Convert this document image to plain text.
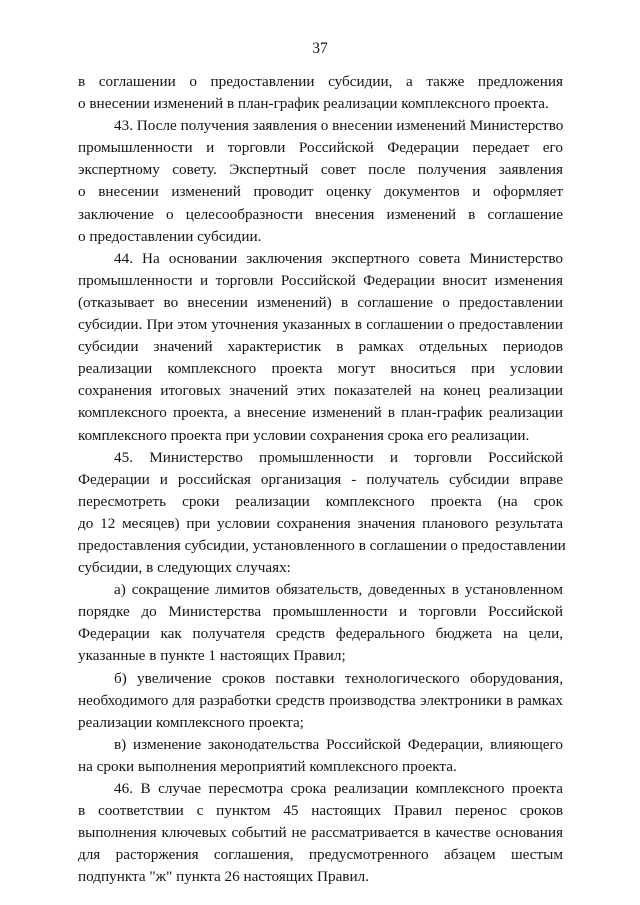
37
в соглашении о предоставлении субсидии, а также предложения
о внесении изменений в план-график реализации комплексного проекта.
43. После получения заявления о внесении изменений Министерство
промышленности и торговли Российской Федерации передает его
экспертному совету. Экспертный совет после получения заявления
о внесении изменений проводит оценку документов и оформляет
заключение о целесообразности внесения изменений в соглашение
о предоставлении субсидии.
44. На основании заключения экспертного совета Министерство
промышленности и торговли Российской Федерации вносит изменения
(отказывает во внесении изменений) в соглашение о предоставлении
субсидии. При этом уточнения указанных в соглашении о предоставлении
субсидии значений характеристик в рамках отдельных периодов
реализации комплексного проекта могут вноситься при условии
сохранения итоговых значений этих показателей на конец реализации
комплексного проекта, а внесение изменений в план-график реализации
комплексного проекта при условии сохранения срока его реализации.
45. Министерство промышленности и торговли Российской
Федерации и российская организация - получатель субсидии вправе
пересмотреть сроки реализации комплексного проекта (на срок
до 12 месяцев) при условии сохранения значения планового результата
предоставления субсидии, установленного в соглашении о предоставлении
субсидии, в следующих случаях:
а) сокращение лимитов обязательств, доведенных в установленном
порядке до Министерства промышленности и торговли Российской
Федерации как получателя средств федерального бюджета на цели,
указанные в пункте 1 настоящих Правил;
б) увеличение сроков поставки технологического оборудования,
необходимого для разработки средств производства электроники в рамках
реализации комплексного проекта;
в) изменение законодательства Российской Федерации, влияющего
на сроки выполнения мероприятий комплексного проекта.
46. В случае пересмотра срока реализации комплексного проекта
в соответствии с пунктом 45 настоящих Правил перенос сроков
выполнения ключевых событий не рассматривается в качестве основания
для расторжения соглашения, предусмотренного абзацем шестым
подпункта "ж" пункта 26 настоящих Правил.
